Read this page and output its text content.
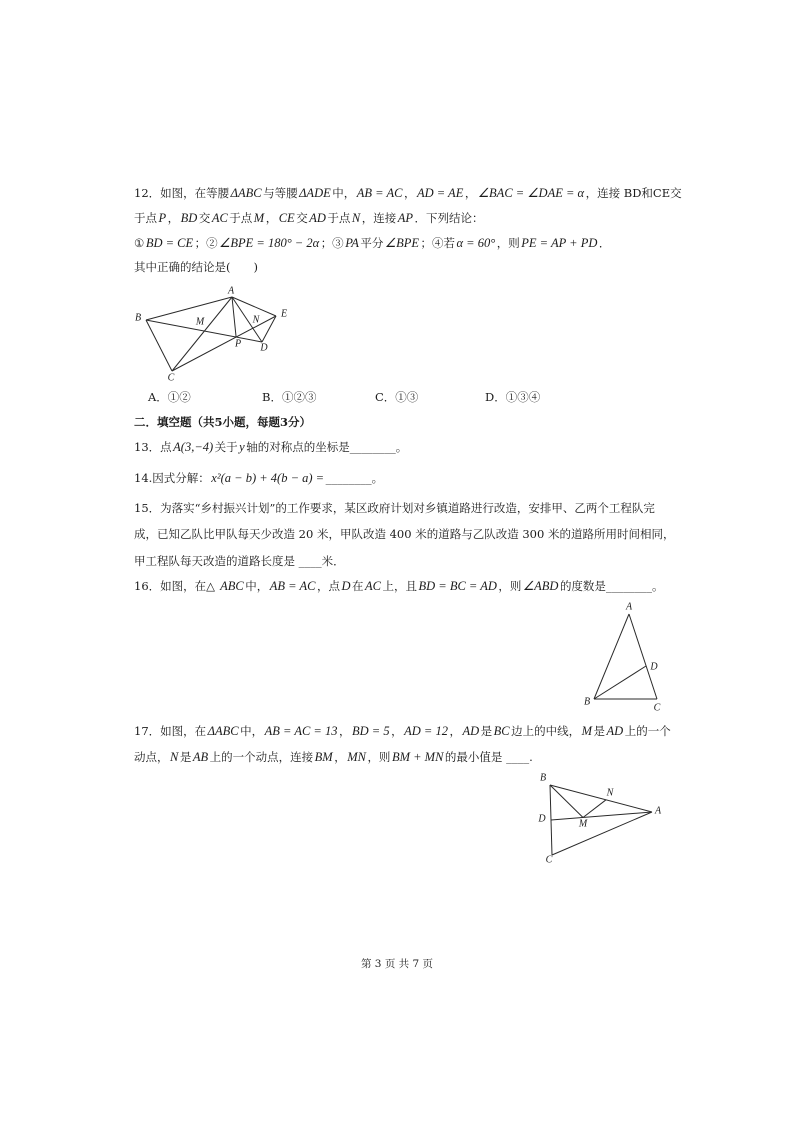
12．如图，在等腰 ΔABC 与等腰 ΔADE 中， AB = AC ， AD = AE ， ∠BAC = ∠DAE = α ，连接 BD和CE交
于点 P ， BD 交 AC 于点 M ， CE 交 AD 于点 N ，连接 AP ．下列结论：
① BD = CE ；② ∠BPE = 180° − 2α ；③ PA 平分 ∠BPE ；④若 α = 60° ，则 PE = AP + PD ．
其中正确的结论是(　　)
A
B	E
C
D
M	N
P
A．①②	B．①②③	C．①③	D．①③④
二．填空题（共5小题，每题3分）
13．点 A(3,−4) 关于 y 轴的对称点的坐标是________。
14.因式分解： x²(a − b) + 4(b − a) = ________。
15．为落实“乡村振兴计划”的工作要求，某区政府计划对乡镇道路进行改造，安排甲、乙两个工程队完
成，已知乙队比甲队每天少改造 20 米，甲队改造 400 米的道路与乙队改造 300 米的道路所用时间相同，
甲工程队每天改造的道路长度是 ____米．
16．如图，在△ ABC 中， AB = AC ，点 D 在 AC 上，且 BD = BC = AD ，则 ∠ABD 的度数是________。
A
D
B
C
17．如图，在 ΔABC 中， AB = AC = 13 ， BD = 5 ， AD = 12 ， AD 是 BC 边上的中线， M 是 AD 上的一个
动点， N 是 AB 上的一个动点，连接 BM ， MN ，则 BM + MN 的最小值是 ____.
B
N
A
D	M
C
第 3 页 共 7 页
